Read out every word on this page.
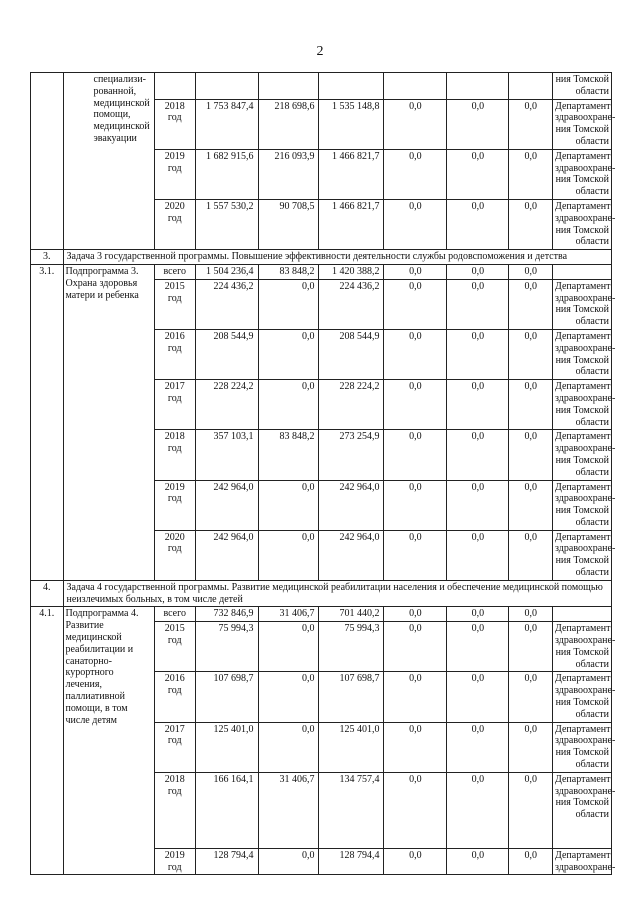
2
	специализи-рованной, медицинской помощи, медицинской эвакуации								ния Томской области
		2018 год	1 753 847,4	218 698,6	1 535 148,8	0,0	0,0	0,0	Департамент здравоохране-ния Томской области
		2019 год	1 682 915,6	216 093,9	1 466 821,7	0,0	0,0	0,0	Департамент здравоохране-ния Томской области
		2020 год	1 557 530,2	90 708,5	1 466 821,7	0,0	0,0	0,0	Департамент здравоохране-ния Томской области
3.	Задача 3 государственной программы. Повышение эффективности деятельности службы родовспоможения и детства								
3.1.	Подпрограмма 3. Охрана здоровья матери и ребенка	всего	1 504 236,4	83 848,2	1 420 388,2	0,0	0,0	0,0	
		2015 год	224 436,2	0,0	224 436,2	0,0	0,0	0,0	Департамент здравоохране-ния Томской области
		2016 год	208 544,9	0,0	208 544,9	0,0	0,0	0,0	Департамент здравоохране-ния Томской области
		2017 год	228 224,2	0,0	228 224,2	0,0	0,0	0,0	Департамент здравоохране-ния Томской области
		2018 год	357 103,1	83 848,2	273 254,9	0,0	0,0	0,0	Департамент здравоохране-ния Томской области
		2019 год	242 964,0	0,0	242 964,0	0,0	0,0	0,0	Департамент здравоохране-ния Томской области
		2020 год	242 964,0	0,0	242 964,0	0,0	0,0	0,0	Департамент здравоохране-ния Томской области
4.	Задача 4 государственной программы. Развитие медицинской реабилитации населения и обеспечение медицинской помощью неизлечимых больных, в том числе детей								
4.1.	Подпрограмма 4. Развитие медицинской реабилитации и санаторно-курортного лечения, паллиативной помощи, в том числе детям	всего	732 846,9	31 406,7	701 440,2	0,0	0,0	0,0	
		2015 год	75 994,3	0,0	75 994,3	0,0	0,0	0,0	Департамент здравоохране-ния Томской области
		2016 год	107 698,7	0,0	107 698,7	0,0	0,0	0,0	Департамент здравоохране-ния Томской области
		2017 год	125 401,0	0,0	125 401,0	0,0	0,0	0,0	Департамент здравоохране-ния Томской области
		2018 год	166 164,1	31 406,7	134 757,4	0,0	0,0	0,0	Департамент здравоохране-ния Томской области
		2019 год	128 794,4	0,0	128 794,4	0,0	0,0	0,0	Департамент здравоохране-
